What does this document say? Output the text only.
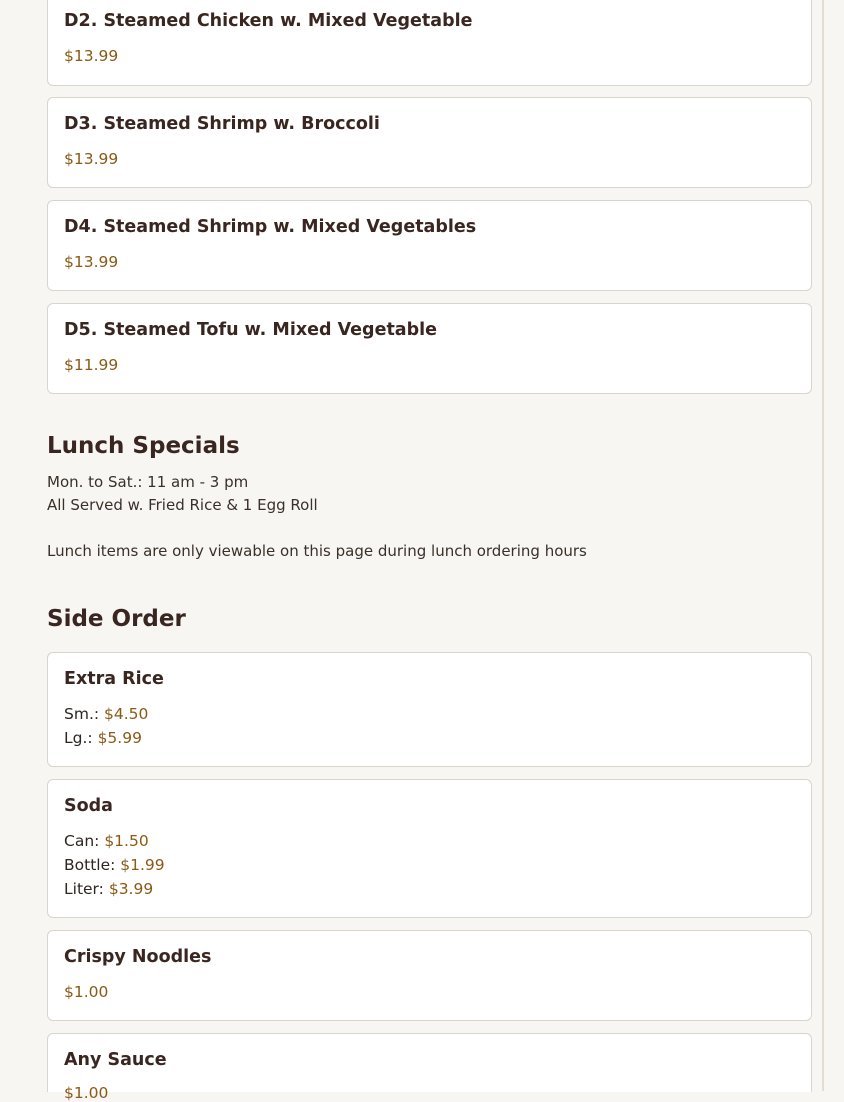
D2. Steamed Chicken w. Mixed Vegetable
$13.99
D3. Steamed Shrimp w. Broccoli
$13.99
D4. Steamed Shrimp w. Mixed Vegetables
$13.99
D5. Steamed Tofu w. Mixed Vegetable
$11.99
Lunch Specials
Mon. to Sat.: 11 am - 3 pm
All Served w. Fried Rice & 1 Egg Roll
Lunch items are only viewable on this page during lunch ordering hours
Side Order
Extra Rice
Sm.: $4.50
Lg.: $5.99
Soda
Can: $1.50
Bottle: $1.99
Liter: $3.99
Crispy Noodles
$1.00
Any Sauce
$1.00
